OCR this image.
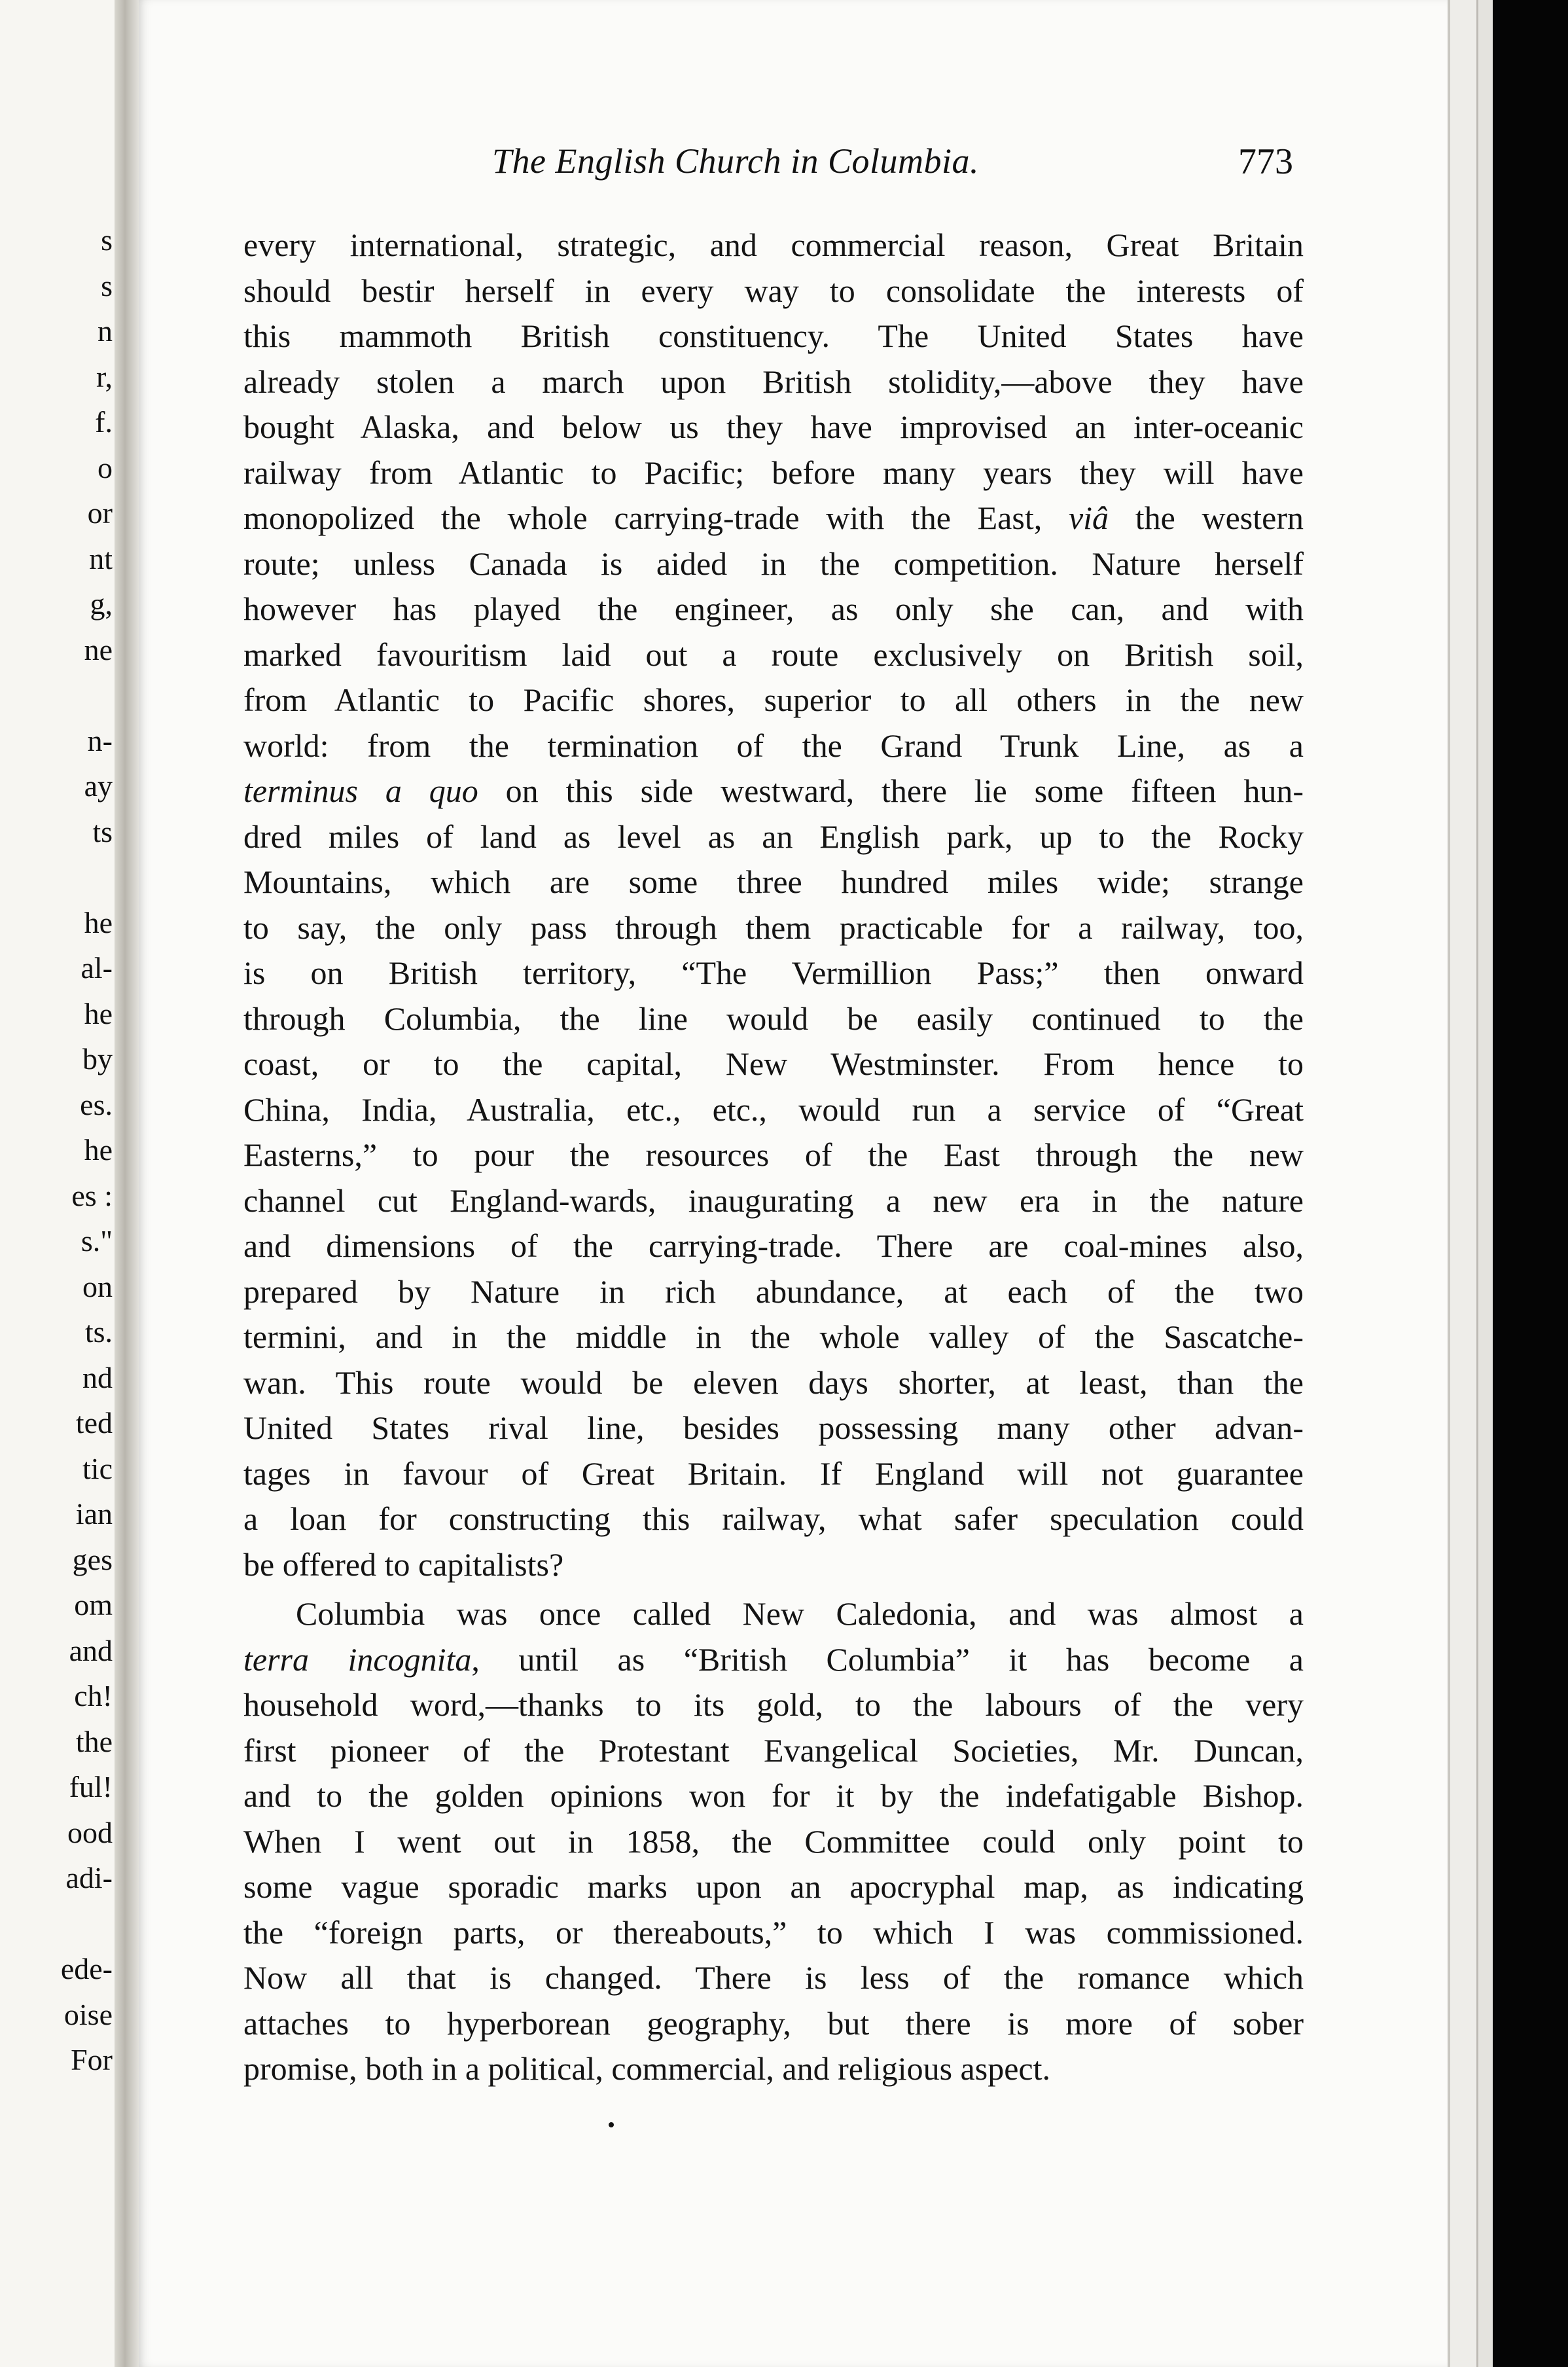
s
s
n
r,
f.
o
or
nt
g,
ne
n-
ay
ts
he
al-
he
by
es.
he
es :
s."
on
ts.
nd
ted
tic
ian
ges
om
and
ch!
the
ful!
ood
adi-
ede-
oise
For
The English Church in Columbia.	773
every international, strategic, and commercial reason, Great Britain
should bestir herself in every way to consolidate the interests of
this mammoth British constituency. The United States have
already stolen a march upon British stolidity,—above they have
bought Alaska, and below us they have improvised an inter-oceanic
railway from Atlantic to Pacific; before many years they will have
monopolized the whole carrying-trade with the East, viâ the western
route; unless Canada is aided in the competition. Nature herself
however has played the engineer, as only she can, and with
marked favouritism laid out a route exclusively on British soil,
from Atlantic to Pacific shores, superior to all others in the new
world: from the termination of the Grand Trunk Line, as a
terminus a quo on this side westward, there lie some fifteen hun-
dred miles of land as level as an English park, up to the Rocky
Mountains, which are some three hundred miles wide; strange
to say, the only pass through them practicable for a railway, too,
is on British territory, “The Vermillion Pass;” then onward
through Columbia, the line would be easily continued to the
coast, or to the capital, New Westminster. From hence to
China, India, Australia, etc., etc., would run a service of “Great
Easterns,” to pour the resources of the East through the new
channel cut England-wards, inaugurating a new era in the nature
and dimensions of the carrying-trade. There are coal-mines also,
prepared by Nature in rich abundance, at each of the two
termini, and in the middle in the whole valley of the Sascatche-
wan. This route would be eleven days shorter, at least, than the
United States rival line, besides possessing many other advan-
tages in favour of Great Britain. If England will not guarantee
a loan for constructing this railway, what safer speculation could
be offered to capitalists?
Columbia was once called New Caledonia, and was almost a
terra incognita, until as “British Columbia” it has become a
household word,—thanks to its gold, to the labours of the very
first pioneer of the Protestant Evangelical Societies, Mr. Duncan,
and to the golden opinions won for it by the indefatigable Bishop.
When I went out in 1858, the Committee could only point to
some vague sporadic marks upon an apocryphal map, as indicating
the “foreign parts, or thereabouts,” to which I was commissioned.
Now all that is changed. There is less of the romance which
attaches to hyperborean geography, but there is more of sober
promise, both in a political, commercial, and religious aspect.
